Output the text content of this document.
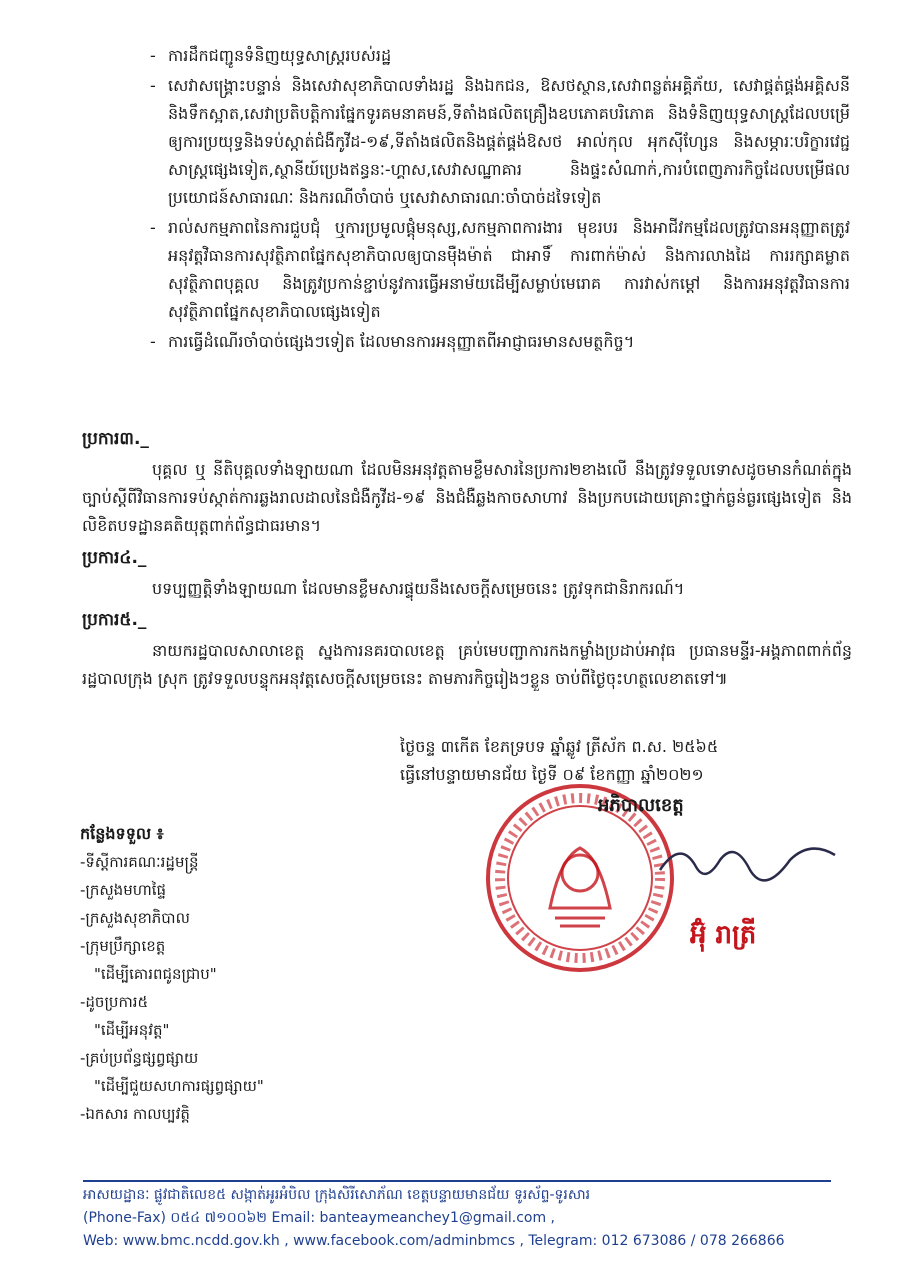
- ការដឹកជញ្ជូនទំនិញយុទ្ធសាស្ត្ររបស់រដ្ឋ
- សេវាសង្គ្រោះបន្ទាន់ និងសេវាសុខាភិបាលទាំងរដ្ឋ និងឯកជន, ឱសថស្ថាន,សេវាពន្លត់អគ្គិភ័យ, សេវាផ្គត់ផ្គង់អគ្គិសនី និងទឹកស្អាត,សេវាប្រតិបត្តិការផ្នែកទូរគមនាគមន៍,ទីតាំងផលិតគ្រឿងឧបភោគបរិភោគ និងទំនិញយុទ្ធសាស្ត្រដែលបម្រើឲ្យការប្រយុទ្ធនិងទប់ស្កាត់ជំងឺកូវីដ-១៩,ទីតាំងផលិតនិងផ្គត់ផ្គង់ឱសថ អាល់កុល អុកស៊ីហ្សែន និងសម្ភារៈបរិក្ខារវេជ្ជសាស្ត្រផ្សេងទៀត,ស្ថានីយ៍ប្រេងឥន្ធនៈ-ហ្គាស,សេវាសណ្ឋាគារ និងផ្ទះសំណាក់,ការបំពេញភារកិច្ចដែលបម្រើផលប្រយោជន៍សាធារណៈ និងករណីចាំបាច់ ឬសេវាសាធារណៈចាំបាច់ដទៃទៀត
- រាល់សកម្មភាពនៃការជួបជុំ ឬការប្រមូលផ្តុំមនុស្ស,សកម្មភាពការងារ មុខរបរ និងអាជីវកម្មដែលត្រូវបានអនុញ្ញាតត្រូវអនុវត្តវិធានការសុវត្ថិភាពផ្នែកសុខាភិបាលឲ្យបានម៉ឺងម៉ាត់ ជាអាទិ៍ ការពាក់ម៉ាស់ និងការលាងដៃ ការរក្សាគម្លាតសុវត្ថិភាពបុគ្គល និងត្រូវប្រកាន់ខ្ជាប់នូវការធ្វើអនាម័យដើម្បីសម្លាប់មេរោគ ការវាស់កម្តៅ និងការអនុវត្តវិធានការសុវត្ថិភាពផ្នែកសុខាភិបាលផ្សេងទៀត
- ការធ្វើដំណើរចាំបាច់ផ្សេងៗទៀត ដែលមានការអនុញ្ញាតពីអាជ្ញាធរមានសមត្ថកិច្ច។
ប្រការ៣._
បុគ្គល ឬ នីតិបុគ្គលទាំងឡាយណា ដែលមិនអនុវត្តតាមខ្លឹមសារនៃប្រការ២ខាងលើ នឹងត្រូវទទួលទោសដូចមានកំណត់ក្នុងច្បាប់ស្តីពីវិធានការទប់ស្កាត់ការឆ្លងរាលដាលនៃជំងឺកូវីដ-១៩ និងជំងឺឆ្លងកាចសាហាវ និងប្រកបដោយគ្រោះថ្នាក់ធ្ងន់ធ្ងរផ្សេងទៀត និងលិខិតបទដ្ឋានគតិយុត្តពាក់ព័ន្ធជាធរមាន។
ប្រការ៤._
បទប្បញ្ញត្តិទាំងឡាយណា ដែលមានខ្លឹមសារផ្ទុយនឹងសេចក្តីសម្រេចនេះ ត្រូវទុកជានិរាករណ៍។
ប្រការ៥._
នាយករដ្ឋបាលសាលាខេត្ត ស្នងការនគរបាលខេត្ត គ្រប់មេបញ្ជាការកងកម្លាំងប្រដាប់អាវុធ ប្រធានមន្ទីរ-អង្គភាពពាក់ព័ន្ធ រដ្ឋបាលក្រុង ស្រុក ត្រូវទទួលបន្ទុកអនុវត្តសេចក្តីសម្រេចនេះ តាមភារកិច្ចរៀងៗខ្លួន ចាប់ពីថ្ងៃចុះហត្ថលេខាតទៅ៕
ថ្ងៃចន្ទ ៣កើត ខែភទ្របទ ឆ្នាំឆ្លូវ ត្រីស័ក ព.ស. ២៥៦៥
ធ្វើនៅបន្ទាយមានជ័យ ថ្ងៃទី ០៩ ខែកញ្ញា ឆ្នាំ២០២១
អភិបាលខេត្ត
អ៊ុំ រាត្រី
កន្លែងទទួល ៖
-ទីស្តីការគណៈរដ្ឋមន្ត្រី
-ក្រសួងមហាផ្ទៃ
-ក្រសួងសុខាភិបាល
-ក្រុមប្រឹក្សាខេត្ត
"ដើម្បីគោរពជូនជ្រាប"
-ដូចប្រការ៥
"ដើម្បីអនុវត្ត"
-គ្រប់ប្រព័ន្ធផ្សព្វផ្សាយ
"ដើម្បីជួយសហការផ្សព្វផ្សាយ"
-ឯកសារ កាលប្បវត្តិ
អាសយដ្ឋានៈ ផ្លូវជាតិលេខ៥ សង្កាត់អូរអំបិល ក្រុងសិរីសោភ័ណ ខេត្តបន្ទាយមានជ័យ ទូរស័ព្ទ-ទូរសារ
(Phone-Fax) ០៥៤ ៧១០០៦២ Email: banteaymeanchey1@gmail.com ,
Web: www.bmc.ncdd.gov.kh , www.facebook.com/adminbmcs , Telegram: 012 673086 / 078 266866
